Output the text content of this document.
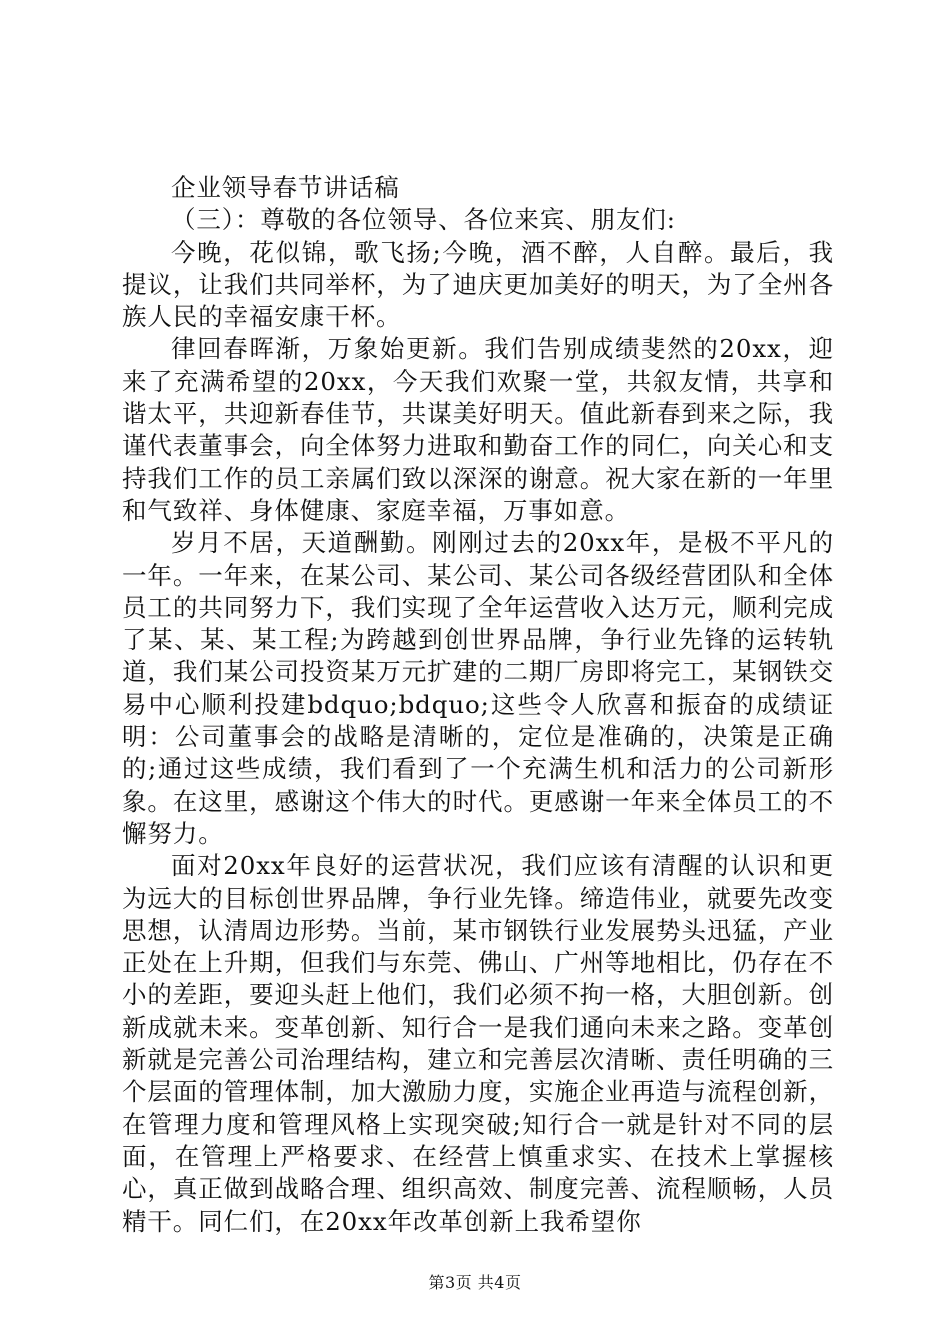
企业领导春节讲话稿

（三）：尊敬的各位领导、各位来宾、朋友们:

今晚，花似锦，歌飞扬;今晚，酒不醉，人自醉。最后，我提议，让我们共同举杯，为了迪庆更加美好的明天，为了全州各族人民的幸福安康干杯。

律回春晖渐，万象始更新。我们告别成绩斐然的20xx，迎来了充满希望的20xx，今天我们欢聚一堂，共叙友情，共享和谐太平，共迎新春佳节，共谋美好明天。值此新春到来之际，我谨代表董事会，向全体努力进取和勤奋工作的同仁，向关心和支持我们工作的员工亲属们致以深深的谢意。祝大家在新的一年里和气致祥、身体健康、家庭幸福，万事如意。

岁月不居，天道酬勤。刚刚过去的20xx年，是极不平凡的一年。一年来，在某公司、某公司、某公司各级经营团队和全体员工的共同努力下，我们实现了全年运营收入达万元，顺利完成了某、某、某工程;为跨越到创世界品牌，争行业先锋的运转轨道，我们某公司投资某万元扩建的二期厂房即将完工，某钢铁交易中心顺利投建bdquo;bdquo;这些令人欣喜和振奋的成绩证明：公司董事会的战略是清晰的，定位是准确的，决策是正确的;通过这些成绩，我们看到了一个充满生机和活力的公司新形象。在这里，感谢这个伟大的时代。更感谢一年来全体员工的不懈努力。

面对20xx年良好的运营状况，我们应该有清醒的认识和更为远大的目标创世界品牌，争行业先锋。缔造伟业，就要先改变思想，认清周边形势。当前，某市钢铁行业发展势头迅猛，产业正处在上升期，但我们与东莞、佛山、广州等地相比，仍存在不小的差距，要迎头赶上他们，我们必须不拘一格，大胆创新。创新成就未来。变革创新、知行合一是我们通向未来之路。变革创新就是完善公司治理结构，建立和完善层次清晰、责任明确的三个层面的管理体制，加大激励力度，实施企业再造与流程创新，在管理力度和管理风格上实现突破;知行合一就是针对不同的层面，在管理上严格要求、在经营上慎重求实、在技术上掌握核心，真正做到战略合理、组织高效、制度完善、流程顺畅，人员精干。同仁们，在20xx年改革创新上我希望你

第3页 共4页
